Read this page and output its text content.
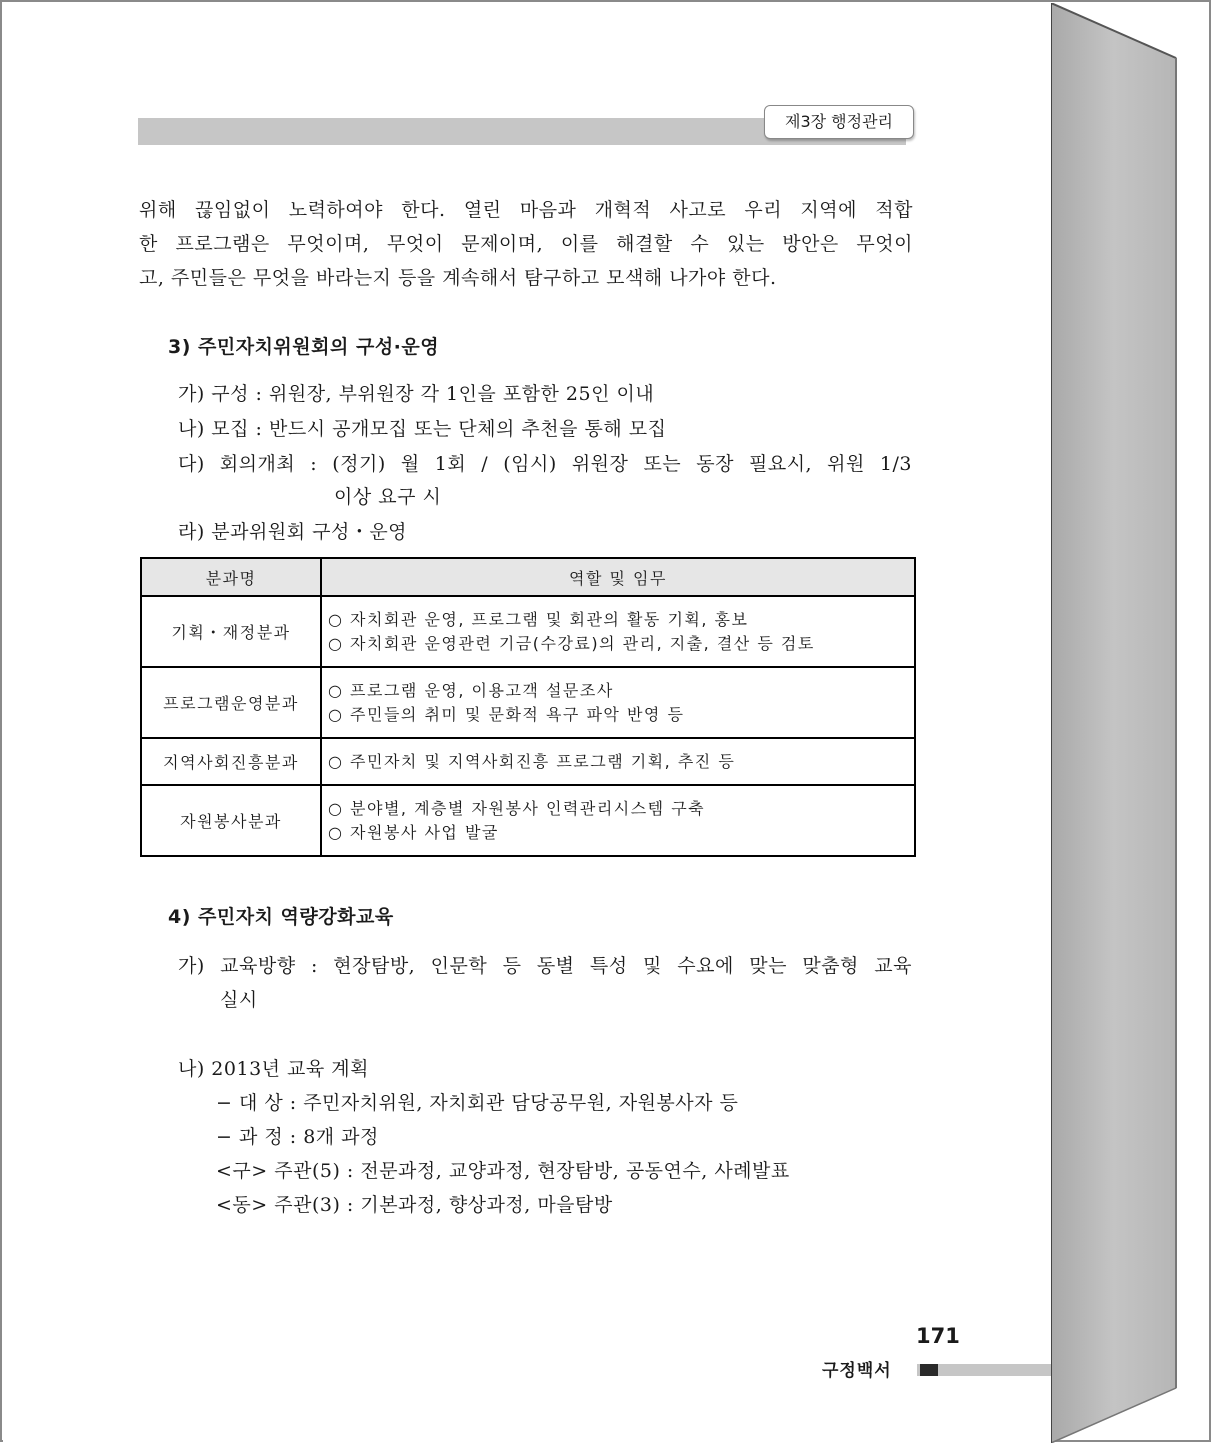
제3장 행정관리
위해 끊임없이 노력하여야 한다. 열린 마음과 개혁적 사고로 우리 지역에 적합
한 프로그램은 무엇이며, 무엇이 문제이며, 이를 해결할 수 있는 방안은 무엇이
고, 주민들은 무엇을 바라는지 등을 계속해서 탐구하고 모색해 나가야 한다.
3) 주민자치위원회의 구성·운영
가) 구성 : 위원장, 부위원장 각 1인을 포함한 25인 이내
나) 모집 : 반드시 공개모집 또는 단체의 추천을 통해 모집
다) 회의개최 : (정기) 월 1회 / (임시) 위원장 또는 동장 필요시, 위원 1/3
이상 요구 시
라) 분과위원회 구성・운영
분과명	역할 및 임무
기획・재정분과	○ 자치회관 운영, 프로그램 및 회관의 활동 기획, 홍보
○ 자치회관 운영관련 기금(수강료)의 관리, 지출, 결산 등 검토

프로그램운영분과	○ 프로그램 운영, 이용고객 설문조사
○ 주민들의 취미 및 문화적 욕구 파악 반영 등

지역사회진흥분과	○ 주민자치 및 지역사회진흥 프로그램 기획, 추진 등

자원봉사분과	○ 분야별, 계층별 자원봉사 인력관리시스템 구축
○ 자원봉사 사업 발굴
4) 주민자치 역량강화교육
가) 교육방향 : 현장탐방, 인문학 등 동별 특성 및 수요에 맞는 맞춤형 교육
실시
나) 2013년 교육 계획
− 대 상 : 주민자치위원, 자치회관 담당공무원, 자원봉사자 등
− 과 정 : 8개 과정
<구> 주관(5) : 전문과정, 교양과정, 현장탐방, 공동연수, 사례발표
<동> 주관(3) : 기본과정, 향상과정, 마을탐방
171
구정백서
